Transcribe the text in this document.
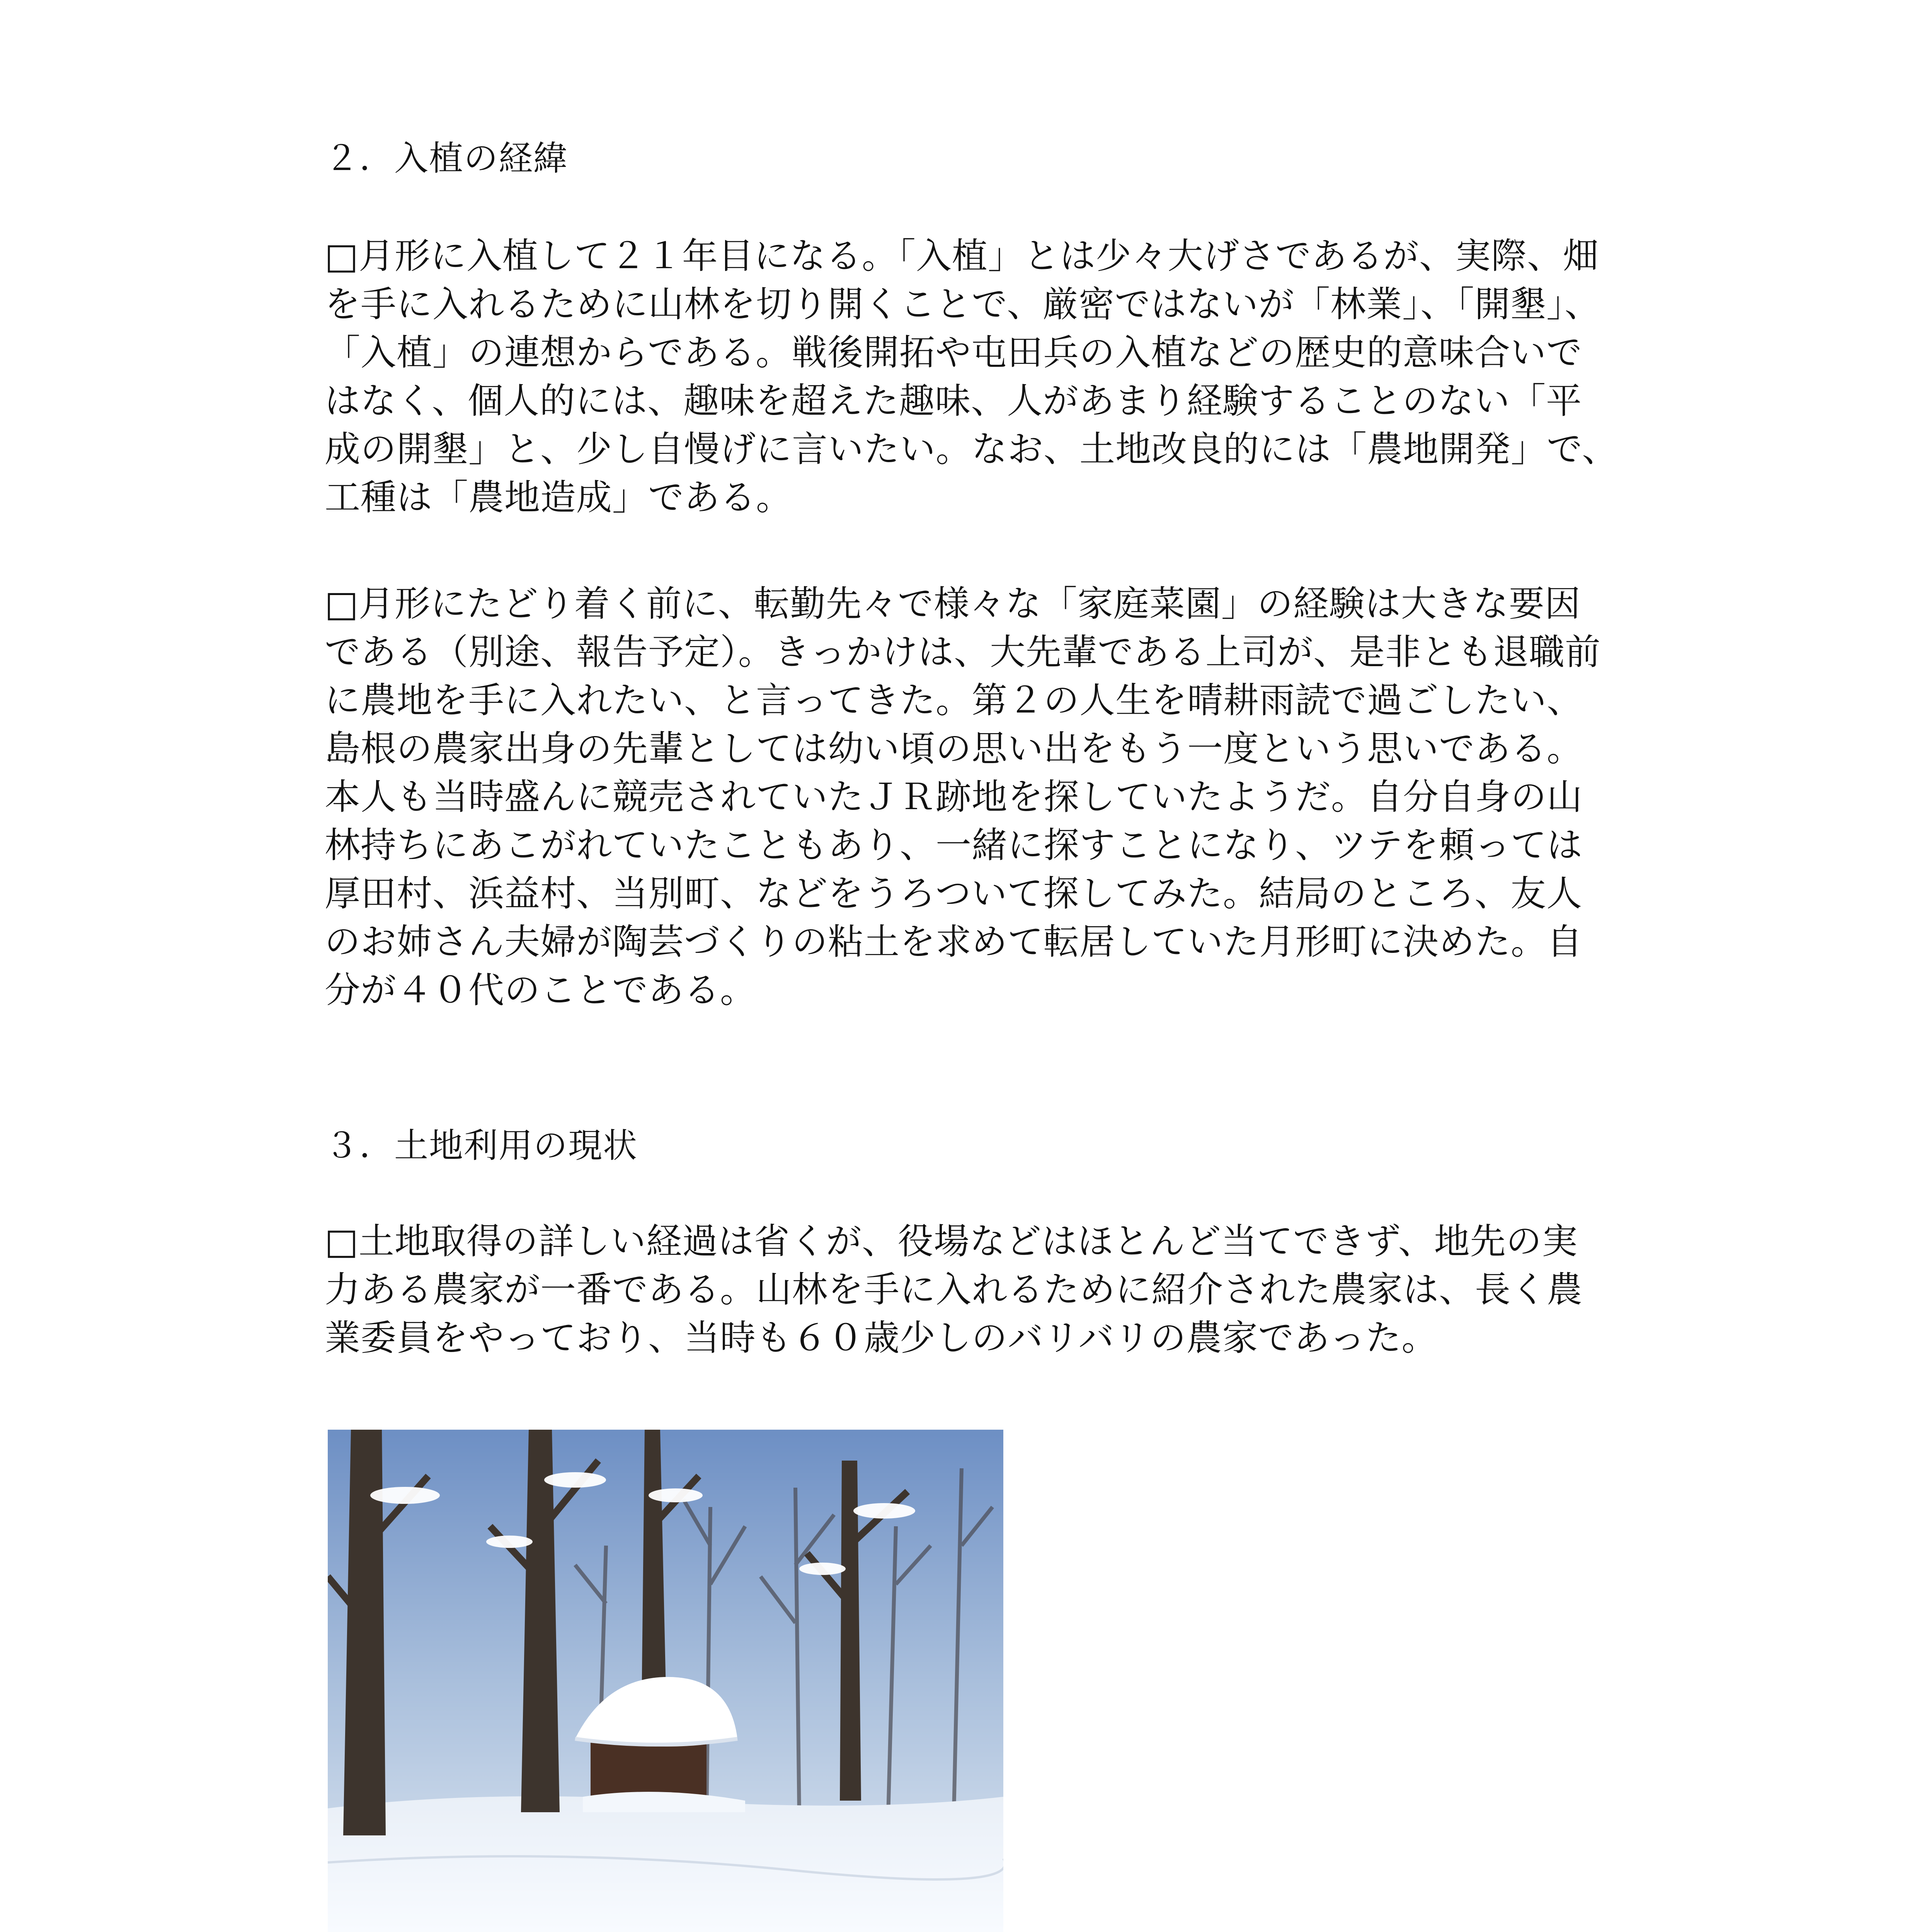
２．入植の経緯
□月形に入植して２１年目になる。「入植」とは少々大げさであるが、実際、畑
を手に入れるために山林を切り開くことで、厳密ではないが「林業」、「開墾」、
「入植」の連想からである。戦後開拓や屯田兵の入植などの歴史的意味合いで
はなく、個人的には、趣味を超えた趣味、人があまり経験することのない「平
成の開墾」と、少し自慢げに言いたい。なお、土地改良的には「農地開発」で、
工種は「農地造成」である。
□月形にたどり着く前に、転勤先々で様々な「家庭菜園」の経験は大きな要因
である（別途、報告予定）。きっかけは、大先輩である上司が、是非とも退職前
に農地を手に入れたい、と言ってきた。第２の人生を晴耕雨読で過ごしたい、
島根の農家出身の先輩としては幼い頃の思い出をもう一度という思いである。
本人も当時盛んに競売されていたＪＲ跡地を探していたようだ。自分自身の山
林持ちにあこがれていたこともあり、一緒に探すことになり、ツテを頼っては
厚田村、浜益村、当別町、などをうろついて探してみた。結局のところ、友人
のお姉さん夫婦が陶芸づくりの粘土を求めて転居していた月形町に決めた。自
分が４０代のことである。
３．土地利用の現状
□土地取得の詳しい経過は省くが、役場などはほとんど当てできず、地先の実
力ある農家が一番である。山林を手に入れるために紹介された農家は、長く農
業委員をやっており、当時も６０歳少しのバリバリの農家であった。
